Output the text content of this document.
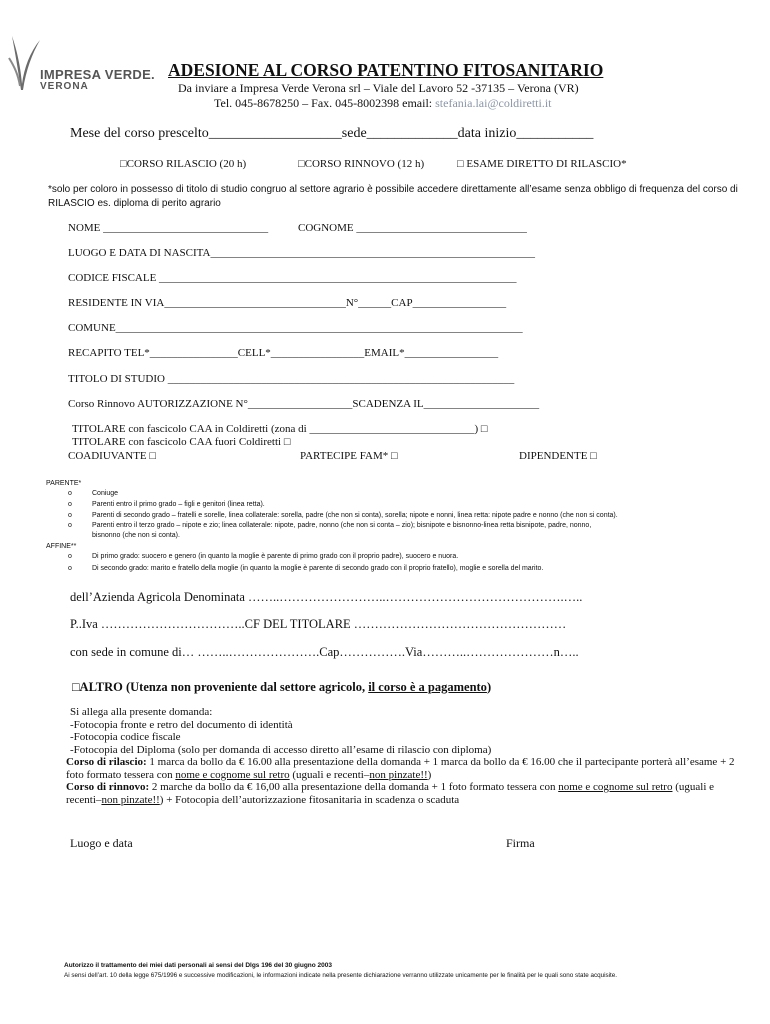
IMPRESA VERDE.
VERONA
ADESIONE AL CORSO PATENTINO FITOSANITARIO
Da inviare a Impresa Verde Verona srl – Viale del Lavoro 52 -37135 – Verona (VR)
Tel. 045-8678250 – Fax. 045-8002398 email: stefania.lai@coldiretti.it
Mese del corso prescelto___________________sede_____________data inizio___________
□CORSO RILASCIO (20 h)	□CORSO RINNOVO (12 h)	□ ESAME DIRETTO DI RILASCIO*
*solo per coloro in possesso di titolo di studio congruo al settore agrario è possibile accedere direttamente all’esame senza obbligo di frequenza del corso di RILASCIO es. diploma di perito agrario
NOME ______________________________	COGNOME _______________________________
LUOGO E DATA DI NASCITA___________________________________________________________
CODICE FISCALE _________________________________________________________________
RESIDENTE IN VIA_________________________________N°______CAP_________________
COMUNE__________________________________________________________________________
RECAPITO TEL*________________CELL*_________________EMAIL*_________________
TITOLO DI STUDIO _______________________________________________________________
Corso Rinnovo AUTORIZZAZIONE N°___________________SCADENZA IL_____________________
TITOLARE con fascicolo CAA in Coldiretti (zona di ______________________________) □
TITOLARE con fascicolo CAA fuori Coldiretti □
COADIUVANTE □	PARTECIPE FAM* □	DIPENDENTE □
PARENTE*
o	Coniuge
o	Parenti entro il primo grado – figli e genitori (linea retta).
o	Parenti di secondo grado – fratelli e sorelle, linea collaterale: sorella, padre (che non si conta), sorella; nipote e nonni, linea retta: nipote padre e nonno (che non si conta).
o	Parenti entro il terzo grado – nipote e zio; linea collaterale: nipote, padre, nonno (che non si conta – zio); bisnipote e bisnonno-linea retta bisnipote, padre, nonno,
bisnonno (che non si conta).
AFFINE**
o	Di primo grado: suocero e genero (in quanto la moglie è parente di primo grado con il proprio padre), suocero e nuora.
o	Di secondo grado: marito e fratello della moglie (in quanto la moglie è parente di secondo grado con il proprio fratello), moglie e sorella del marito.
dell’Azienda Agricola Denominata ……..……………………..…………………………………….…..
P..Iva ……………………………..CF DEL TITOLARE ……………………………………………
con sede in comune di… ……..………………….Cap…………….Via………..…………………n…..
□ALTRO (Utenza non proveniente dal settore agricolo, il corso è a pagamento)
Si allega alla presente domanda:
-Fotocopia fronte e retro del documento di identità
-Fotocopia codice fiscale
-Fotocopia del Diploma (solo per domanda di accesso diretto all’esame di rilascio con diploma)
Corso di rilascio: 1 marca da bollo da € 16.00 alla presentazione della domanda + 1 marca da bollo da € 16.00 che il partecipante porterà all’esame + 2 foto formato tessera con nome e cognome sul retro (uguali e recenti–non pinzate!!)
Corso di rinnovo: 2 marche da bollo da € 16,00 alla presentazione della domanda + 1 foto formato tessera con nome e cognome sul retro (uguali e recenti–non pinzate!!) + Fotocopia dell’autorizzazione fitosanitaria in scadenza o scaduta
Luogo e data	Firma
Autorizzo il trattamento dei miei dati personali ai sensi del Dlgs 196 del 30 giugno 2003
Ai sensi dell’art. 10 della legge 675/1996 e successive modificazioni, le informazioni indicate nella presente dichiarazione verranno utilizzate unicamente per le finalità per le quali sono state acquisite.
